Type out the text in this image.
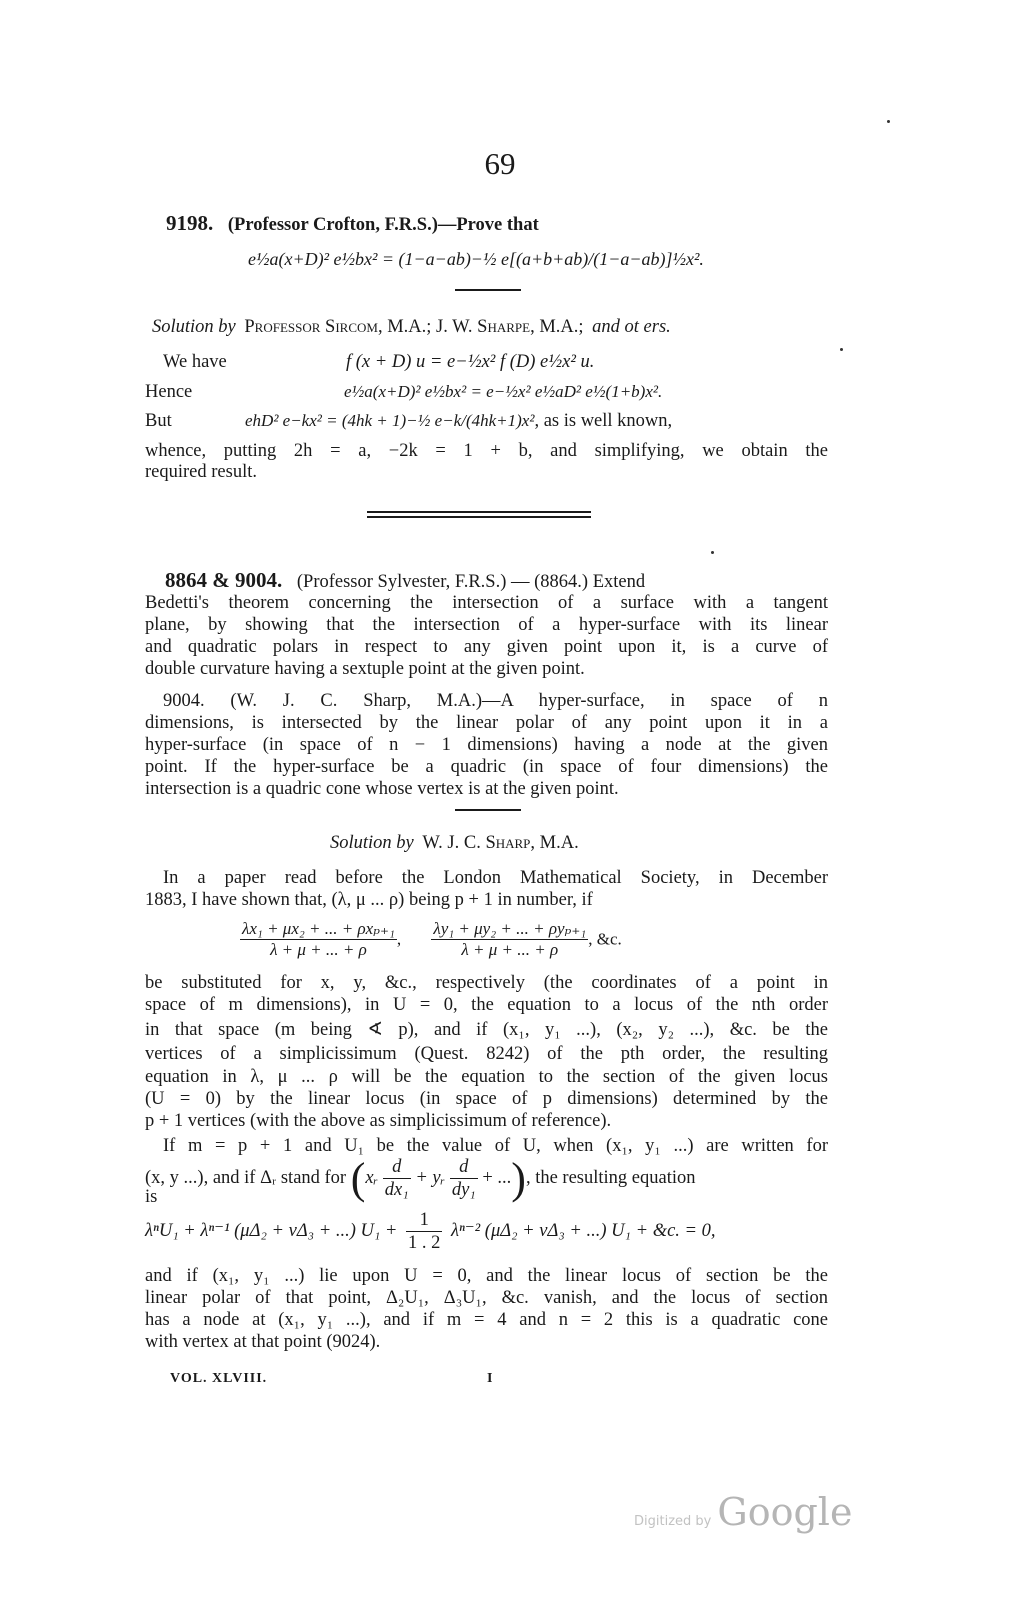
69
9198. (Professor Crofton, F.R.S.)—Prove that
e½a(x+D)² e½bx² = (1−a−ab)−½ e[(a+b+ab)/(1−a−ab)]½x².
Solution by Professor Sircom, M.A.; J. W. Sharpe, M.A.; and ot ers.
We have	f (x + D) u = e−½x² f (D) e½x² u.
Hence	e½a(x+D)² e½bx² = e−½x² e½aD² e½(1+b)x².
But	ehD² e−kx² = (4hk + 1)−½ e−k/(4hk+1)x², as is well known,
whence, putting 2h = a, −2k = 1 + b, and simplifying, we obtain the
required result.
8864 & 9004. (Professor Sylvester, F.R.S.) — (8864.) Extend
Bedetti's theorem concerning the intersection of a surface with a tangent
plane, by showing that the intersection of a hyper-surface with its linear
and quadratic polars in respect to any given point upon it, is a curve of
double curvature having a sextuple point at the given point.
9004. (W. J. C. Sharp, M.A.)—A hyper-surface, in space of n
dimensions, is intersected by the linear polar of any point upon it in a
hyper-surface (in space of n − 1 dimensions) having a node at the given
point. If the hyper-surface be a quadric (in space of four dimensions) the
intersection is a quadric cone whose vertex is at the given point.
Solution by W. J. C. Sharp, M.A.
In a paper read before the London Mathematical Society, in December
1883, I have shown that, (λ, μ ... ρ) being p + 1 in number, if
$\frac{\text{λx₁ + μx₂ + ... + ρxₚ₊₁}}{\lambda + \mu + ... + \rho}$ , $\frac{\text{λy₁ + μy₂ + ... + ρyₚ₊₁}}{\lambda + \mu + ... + \rho}$ , &c.
be substituted for x, y, &c., respectively (the coordinates of a point in
space of m dimensions), in U = 0, the equation to a locus of the nth order
in that space (m being ∢ p), and if (x₁, y₁ ...), (x₂, y₂ ...), &c. be the
vertices of a simplicissimum (Quest. 8242) of the pth order, the resulting
equation in λ, μ ... ρ will be the equation to the section of the given locus
(U = 0) by the linear locus (in space of p dimensions) determined by the
p + 1 vertices (with the above as simplicissimum of reference).
If m = p + 1 and U₁ be the value of U, when (x₁, y₁ ...) are written for
(x, y ...), and if Δᵣ stand for (xᵣ $\frac{d}{\text{dx₁}}$ + yᵣ $\frac{d}{\text{dy₁}}$ + ...), the resulting equation
is
λⁿU₁ + λⁿ⁻¹ (μΔ₂ + νΔ₃ + ...) $U_1 + \frac{1}{1 . 2} \lambda^{n-2}$ (μΔ₂ + νΔ₃ + ...) U₁ + &c. = 0,
and if (x₁, y₁ ...) lie upon U = 0, and the linear locus of section be the
linear polar of that point, Δ₂U₁, Δ₃U₁, &c. vanish, and the locus of section
has a node at (x₁, y₁ ...), and if m = 4 and n = 2 this is a quadratic cone
with vertex at that point (9024).
VOL. XLVIII.	I
Digitized by Google
